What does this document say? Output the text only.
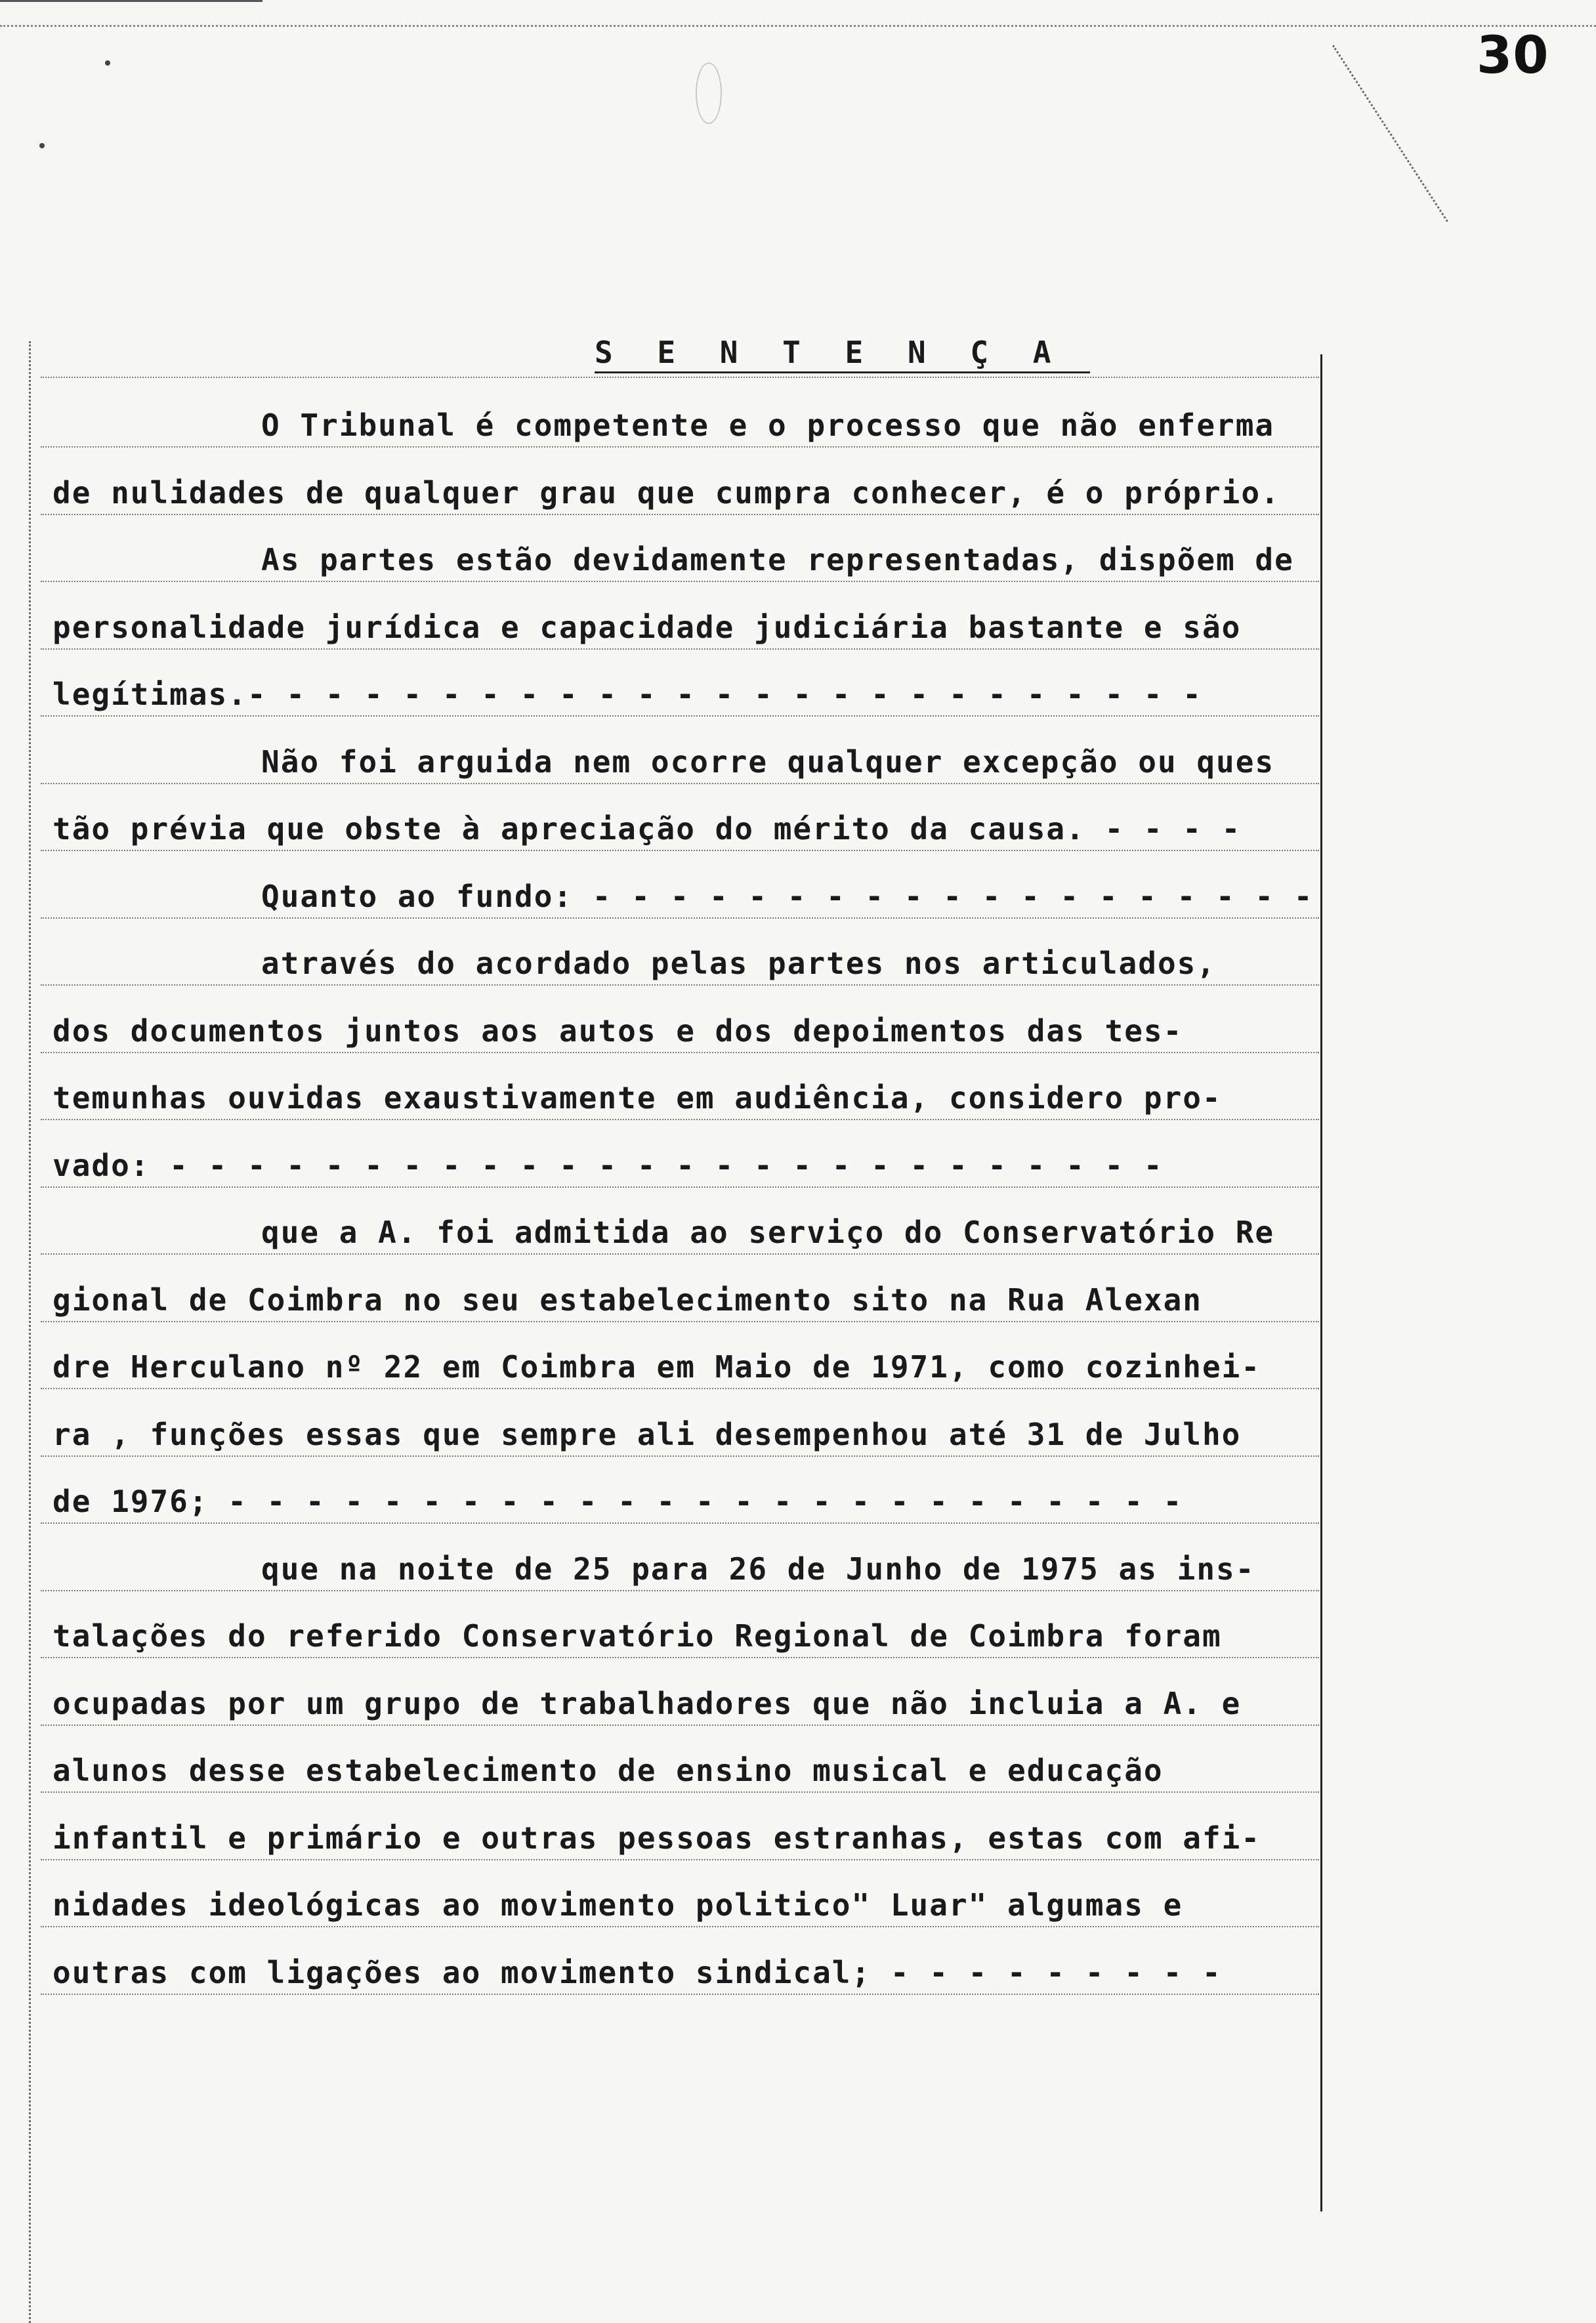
30
S E N T E N Ç A
O Tribunal é competente e o processo que não enferma
de nulidades de qualquer grau que cumpra conhecer, é o próprio.
As partes estão devidamente representadas, dispõem de
personalidade jurídica e capacidade judiciária bastante e são
legítimas.- - - - - - - - - - - - - - - - - - - - - - - - -
Não foi arguida nem ocorre qualquer excepção ou ques
tão prévia que obste à apreciação do mérito da causa. - - - -
Quanto ao fundo: - - - - - - - - - - - - - - - - - - -
através do acordado pelas partes nos articulados,
dos documentos juntos aos autos e dos depoimentos das tes-
temunhas ouvidas exaustivamente em audiência, considero pro-
vado: - - - - - - - - - - - - - - - - - - - - - - - - - -
que a A. foi admitida ao serviço do Conservatório Re
gional de Coimbra no seu estabelecimento sito na Rua Alexan
dre Herculano nº 22 em Coimbra em Maio de 1971, como cozinhei-
ra , funções essas que sempre ali desempenhou até 31 de Julho
de 1976; - - - - - - - - - - - - - - - - - - - - - - - - -
que na noite de 25 para 26 de Junho de 1975 as ins-
talações do referido Conservatório Regional de Coimbra foram
ocupadas por um grupo de trabalhadores que não incluia a A. e
alunos desse estabelecimento de ensino musical e educação
infantil e primário e outras pessoas estranhas, estas com afi-
nidades ideológicas ao movimento politico" Luar" algumas e
outras com ligações ao movimento sindical; - - - - - - - - -
